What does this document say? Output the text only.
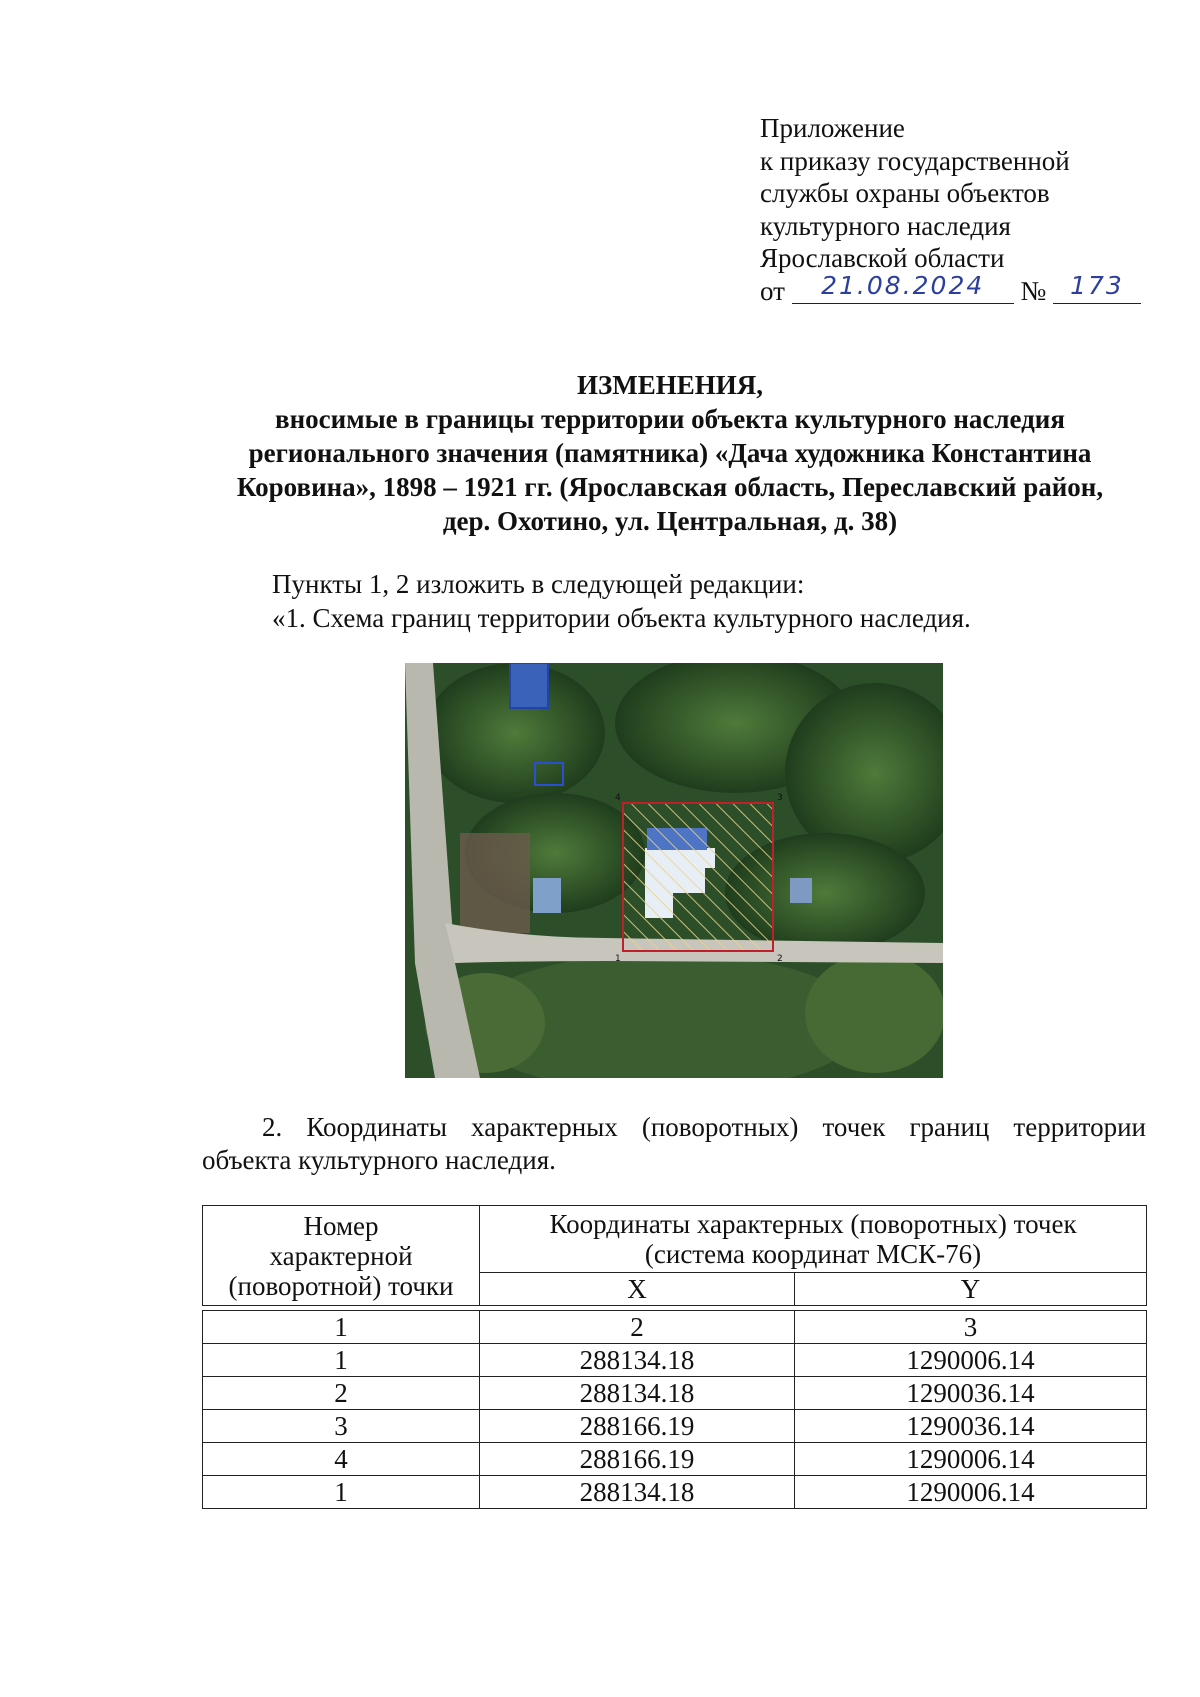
Приложение
к приказу государственной
службы охраны объектов
культурного наследия
Ярославской области
от 21.08.2024 № 173
ИЗМЕНЕНИЯ,
вносимые в границы территории объекта культурного наследия
регионального значения (памятника) «Дача художника Константина
Коровина», 1898 – 1921 гг. (Ярославская область, Переславский район,
дер. Охотино, ул. Центральная, д. 38)
Пункты 1, 2 изложить в следующей редакции:
«1. Схема границ территории объекта культурного наследия.
1	2
3
4
2. Координаты характерных (поворотных) точек границ территории
объекта культурного наследия.
Номер
характерной
(поворотной) точки	Координаты характерных (поворотных) точек
(система координат МСК-76)	
	X	Y

1	2	3
1	288134.18	1290006.14
2	288134.18	1290036.14
3	288166.19	1290036.14
4	288166.19	1290006.14
1	288134.18	1290006.14
